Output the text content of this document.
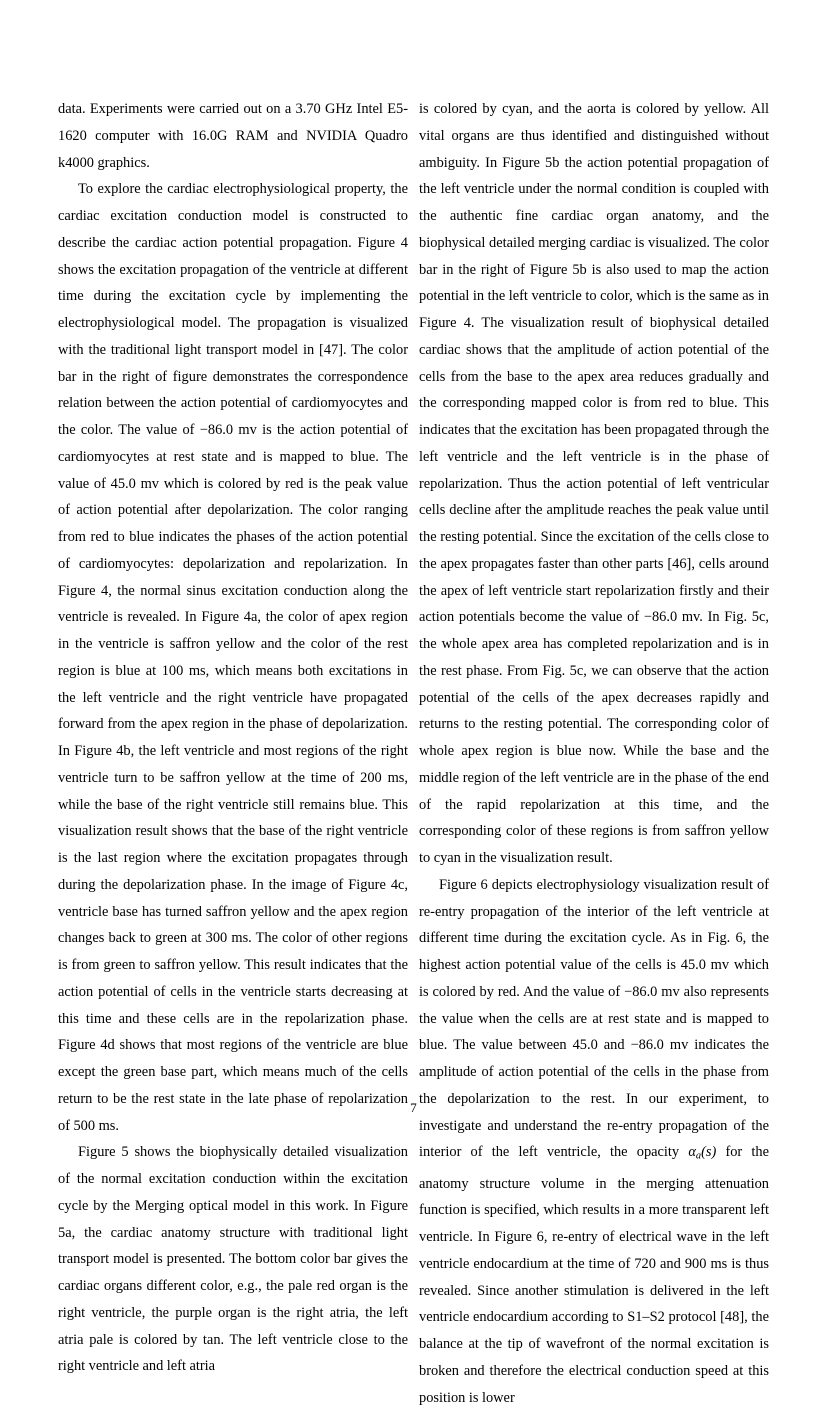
data. Experiments were carried out on a 3.70 GHz Intel E5-1620 computer with 16.0G RAM and NVIDIA Quadro k4000 graphics.

To explore the cardiac electrophysiological property, the cardiac excitation conduction model is constructed to describe the cardiac action potential propagation. Figure 4 shows the excitation propagation of the ventricle at different time during the excitation cycle by implementing the electrophysiological model. The propagation is visualized with the traditional light transport model in [47]. The color bar in the right of figure demonstrates the correspondence relation between the action potential of cardiomyocytes and the color. The value of −86.0 mv is the action potential of cardiomyocytes at rest state and is mapped to blue. The value of 45.0 mv which is colored by red is the peak value of action potential after depolarization. The color ranging from red to blue indicates the phases of the action potential of cardiomyocytes: depolarization and repolarization. In Figure 4, the normal sinus excitation conduction along the ventricle is revealed. In Figure 4a, the color of apex region in the ventricle is saffron yellow and the color of the rest region is blue at 100 ms, which means both excitations in the left ventricle and the right ventricle have propagated forward from the apex region in the phase of depolarization. In Figure 4b, the left ventricle and most regions of the right ventricle turn to be saffron yellow at the time of 200 ms, while the base of the right ventricle still remains blue. This visualization result shows that the base of the right ventricle is the last region where the excitation propagates through during the depolarization phase. In the image of Figure 4c, ventricle base has turned saffron yellow and the apex region changes back to green at 300 ms. The color of other regions is from green to saffron yellow. This result indicates that the action potential of cells in the ventricle starts decreasing at this time and these cells are in the repolarization phase. Figure 4d shows that most regions of the ventricle are blue except the green base part, which means much of the cells return to be the rest state in the late phase of repolarization of 500 ms.

Figure 5 shows the biophysically detailed visualization of the normal excitation conduction within the excitation cycle by the Merging optical model in this work. In Figure 5a, the cardiac anatomy structure with traditional light transport model is presented. The bottom color bar gives the cardiac organs different color, e.g., the pale red organ is the right ventricle, the purple organ is the right atria, the left atria pale is colored by tan. The left ventricle close to the right ventricle and left atria

is colored by cyan, and the aorta is colored by yellow. All vital organs are thus identified and distinguished without ambiguity. In Figure 5b the action potential propagation of the left ventricle under the normal condition is coupled with the authentic fine cardiac organ anatomy, and the biophysical detailed merging cardiac is visualized. The color bar in the right of Figure 5b is also used to map the action potential in the left ventricle to color, which is the same as in Figure 4. The visualization result of biophysical detailed cardiac shows that the amplitude of action potential of the cells from the base to the apex area reduces gradually and the corresponding mapped color is from red to blue. This indicates that the excitation has been propagated through the left ventricle and the left ventricle is in the phase of repolarization. Thus the action potential of left ventricular cells decline after the amplitude reaches the peak value until the resting potential. Since the excitation of the cells close to the apex propagates faster than other parts [46], cells around the apex of left ventricle start repolarization firstly and their action potentials become the value of −86.0 mv. In Fig. 5c, the whole apex area has completed repolarization and is in the rest phase. From Fig. 5c, we can observe that the action potential of the cells of the apex decreases rapidly and returns to the resting potential. The corresponding color of whole apex region is blue now. While the base and the middle region of the left ventricle are in the phase of the end of the rapid repolarization at this time, and the corresponding color of these regions is from saffron yellow to cyan in the visualization result.

Figure 6 depicts electrophysiology visualization result of re-entry propagation of the interior of the left ventricle at different time during the excitation cycle. As in Fig. 6, the highest action potential value of the cells is 45.0 mv which is colored by red. And the value of −86.0 mv also represents the value when the cells are at rest state and is mapped to blue. The value between 45.0 and −86.0 mv indicates the amplitude of action potential of the cells in the phase from the depolarization to the rest. In our experiment, to investigate and understand the re-entry propagation of the interior of the left ventricle, the opacity αa(s) for the anatomy structure volume in the merging attenuation function is specified, which results in a more transparent left ventricle. In Figure 6, re-entry of electrical wave in the left ventricle endocardium at the time of 720 and 900 ms is thus revealed. Since another stimulation is delivered in the left ventricle endocardium according to S1–S2 protocol [48], the balance at the tip of wavefront of the normal excitation is broken and therefore the electrical conduction speed at this position is lower

7
